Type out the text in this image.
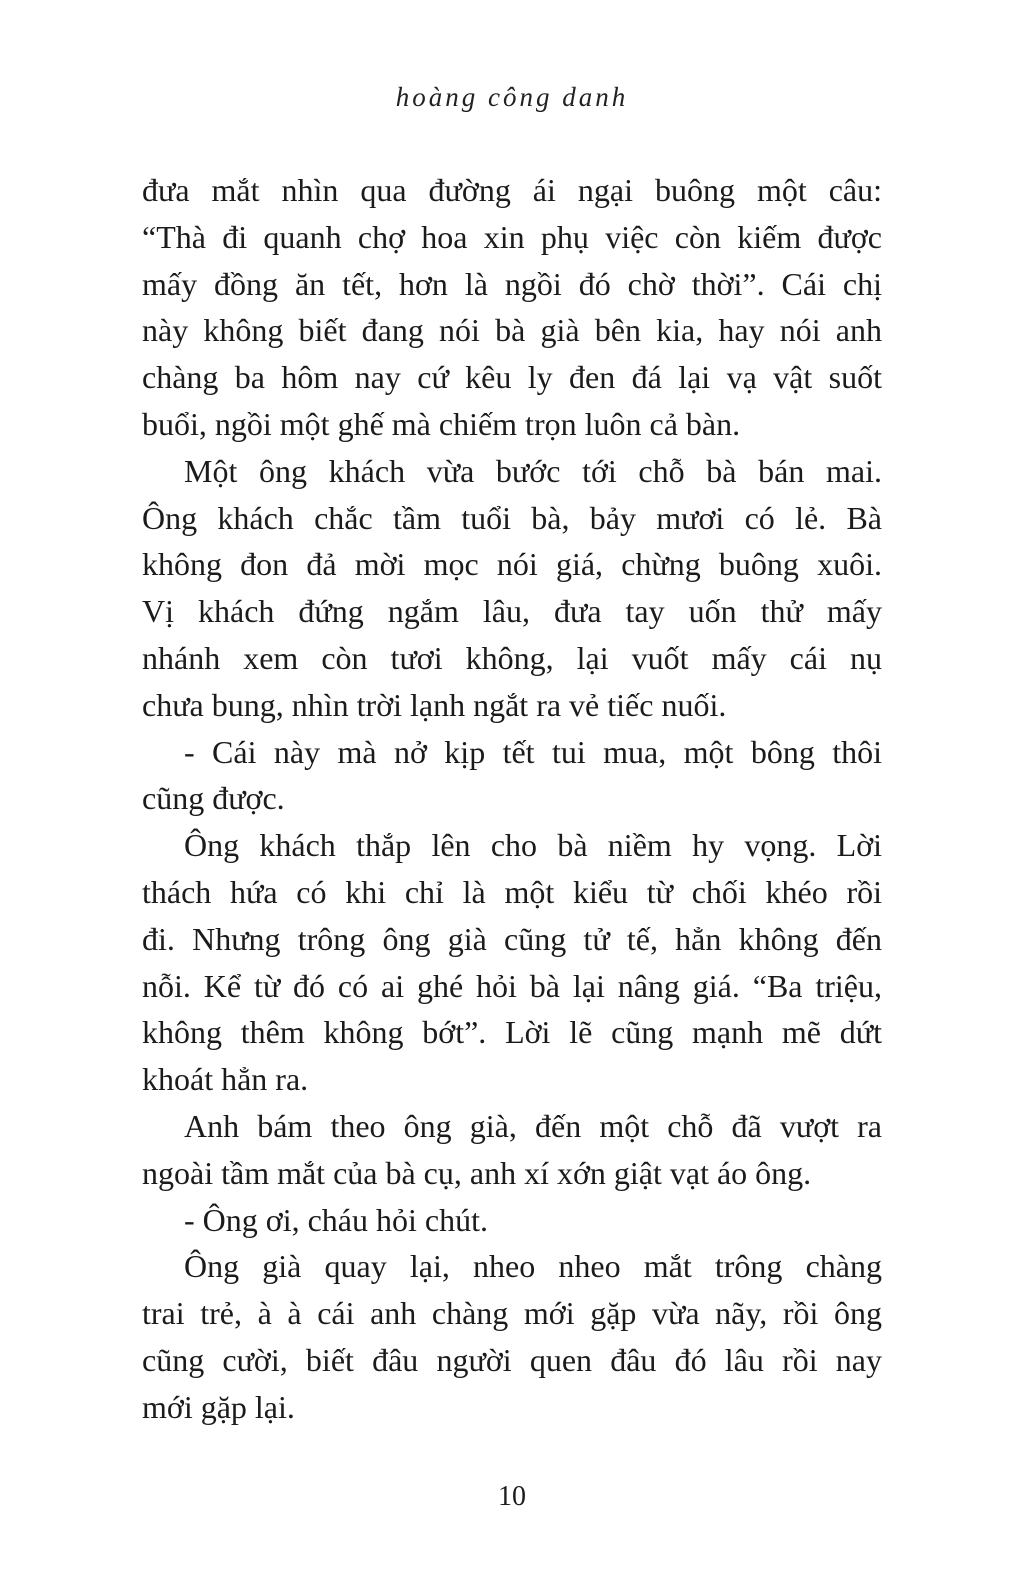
hoàng công danh
đưa mắt nhìn qua đường ái ngại buông một câu:
“Thà đi quanh chợ hoa xin phụ việc còn kiếm được
mấy đồng ăn tết, hơn là ngồi đó chờ thời”. Cái chị
này không biết đang nói bà già bên kia, hay nói anh
chàng ba hôm nay cứ kêu ly đen đá lại vạ vật suốt
buổi, ngồi một ghế mà chiếm trọn luôn cả bàn.
Một ông khách vừa bước tới chỗ bà bán mai.
Ông khách chắc tầm tuổi bà, bảy mươi có lẻ. Bà
không đon đả mời mọc nói giá, chừng buông xuôi.
Vị khách đứng ngắm lâu, đưa tay uốn thử mấy
nhánh xem còn tươi không, lại vuốt mấy cái nụ
chưa bung, nhìn trời lạnh ngắt ra vẻ tiếc nuối.
- Cái này mà nở kịp tết tui mua, một bông thôi
cũng được.
Ông khách thắp lên cho bà niềm hy vọng. Lời
thách hứa có khi chỉ là một kiểu từ chối khéo rồi
đi. Nhưng trông ông già cũng tử tế, hẳn không đến
nỗi. Kể từ đó có ai ghé hỏi bà lại nâng giá. “Ba triệu,
không thêm không bớt”. Lời lẽ cũng mạnh mẽ dứt
khoát hẳn ra.
Anh bám theo ông già, đến một chỗ đã vượt ra
ngoài tầm mắt của bà cụ, anh xí xớn giật vạt áo ông.
- Ông ơi, cháu hỏi chút.
Ông già quay lại, nheo nheo mắt trông chàng
trai trẻ, à à cái anh chàng mới gặp vừa nãy, rồi ông
cũng cười, biết đâu người quen đâu đó lâu rồi nay
mới gặp lại.
10
